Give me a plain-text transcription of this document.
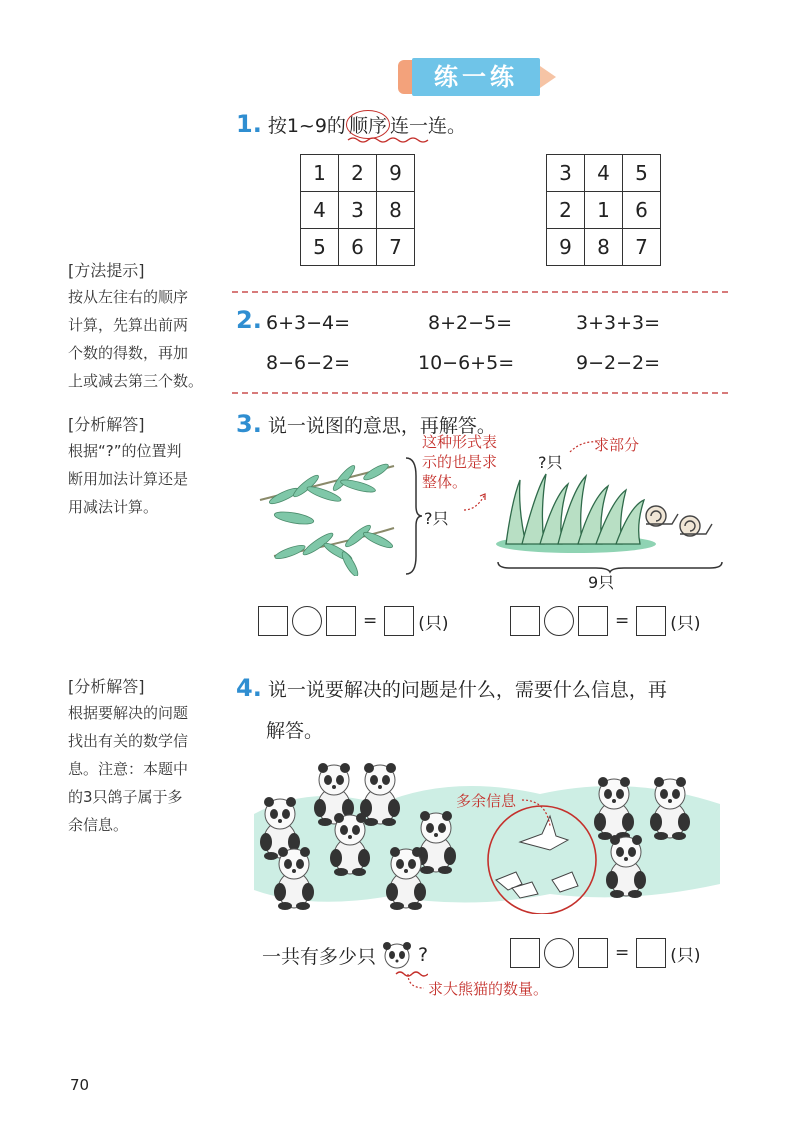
练一练
1. 按1~9的 顺序 连一连。
1	2	9
4	3	8
5	6	7
3	4	5
2	1	6
9	8	7
[方法提示]
按从左往右的顺序
计算，先算出前两
个数的得数，再加
上或减去第三个数。
2. 6+3−4=	8+2−5=	3+3+3=
8−6−2=	10−6+5=	9−2−2=
[分析解答]
根据“?”的位置判
断用加法计算还是
用减法计算。
3. 说一说图的意思，再解答。
?只
这种形式表
示的也是求
整体。
?只
求部分
9只
= (只)	= (只)
[分析解答]
根据要解决的问题
找出有关的数学信
息。注意：本题中
的3只鸽子属于多
余信息。
4. 说一说要解决的问题是什么，需要什么信息，再
解答。
多余信息
一共有多少只 ?
求大熊猫的数量。
= (只)
70
